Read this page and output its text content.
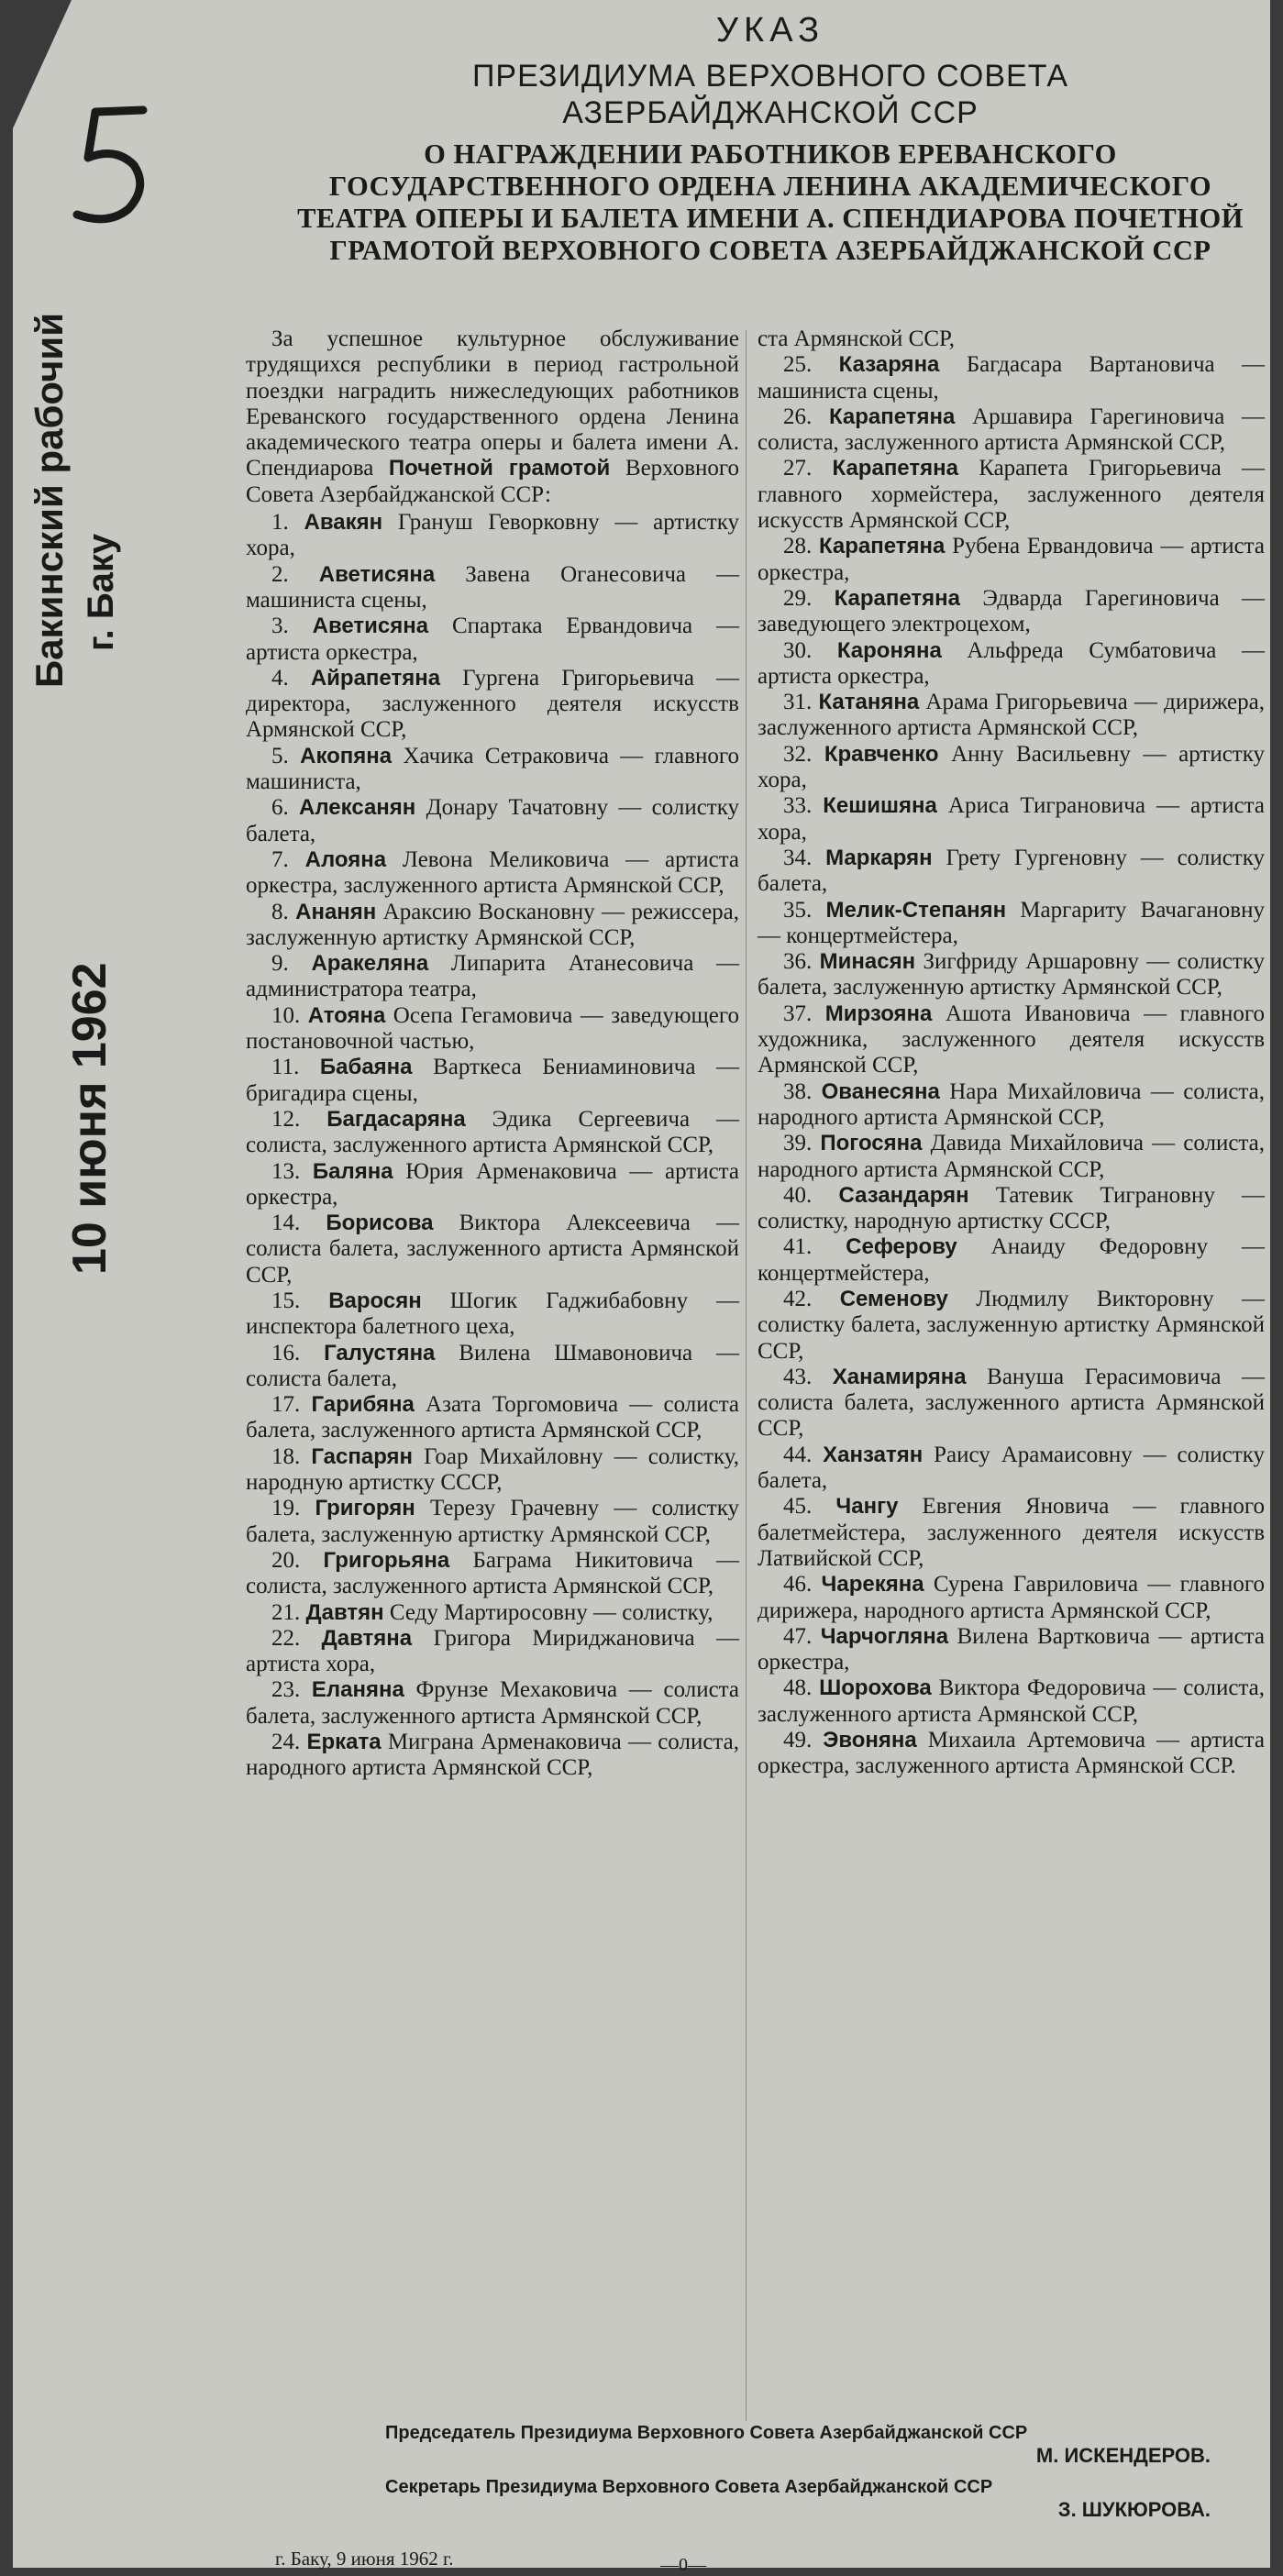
Бакинский рабочий г. Баку
10 июня 1962
УКАЗ
ПРЕЗИДИУМА ВЕРХОВНОГО СОВЕТА
АЗЕРБАЙДЖАНСКОЙ ССР
О НАГРАЖДЕНИИ РАБОТНИКОВ ЕРЕВАНСКОГО ГОСУДАРСТВЕННОГО ОРДЕНА ЛЕНИНА АКАДЕМИЧЕСКОГО ТЕАТРА ОПЕРЫ И БАЛЕТА ИМЕНИ А. СПЕНДИАРОВА ПОЧЕТНОЙ ГРАМОТОЙ ВЕРХОВНОГО СОВЕТА АЗЕРБАЙДЖАНСКОЙ ССР

За успешное культурное обслуживание трудящихся республики в период гастрольной поездки наградить нижеследующих работников Ереванского государственного ордена Ленина академического театра оперы и балета имени А. Спендиарова Почетной грамотой Верховного Совета Азербайджанской ССР:

1. Авакян Грануш Геворковну — артистку хора,

2. Аветисяна Завена Оганесовича — машиниста сцены,

3. Аветисяна Спартака Ервандовича — артиста оркестра,

4. Айрапетяна Гургена Григорьевича — директора, заслуженного деятеля искусств Армянской ССР,

5. Акопяна Хачика Сетраковича — главного машиниста,

6. Алексанян Донару Тачатовну — солистку балета,

7. Алояна Левона Меликовича — артиста оркестра, заслуженного артиста Армянской ССР,

8. Ананян Араксию Воскановну — режиссера, заслуженную артистку Армянской ССР,

9. Аракеляна Липарита Атанесовича — администратора театра,

10. Атояна Осепа Гегамовича — заведующего постановочной частью,

11. Бабаяна Варткеса Бениаминовича — бригадира сцены,

12. Багдасаряна Эдика Сергеевича — солиста, заслуженного артиста Армянской ССР,

13. Баляна Юрия Арменаковича — артиста оркестра,

14. Борисова Виктора Алексеевича — солиста балета, заслуженного артиста Армянской ССР,

15. Варосян Шогик Гаджибабовну — инспектора балетного цеха,

16. Галустяна Вилена Шмавоновича — солиста балета,

17. Гарибяна Азата Торгомовича — солиста балета, заслуженного артиста Армянской ССР,

18. Гаспарян Гоар Михайловну — солистку, народную артистку СССР,

19. Григорян Терезу Грачевну — солистку балета, заслуженную артистку Армянской ССР,

20. Григорьяна Баграма Никитовича — солиста, заслуженного артиста Армянской ССР,

21. Давтян Седу Мартиросовну — солистку,

22. Давтяна Григора Мириджановича — артиста хора,

23. Еланяна Фрунзе Мехаковича — солиста балета, заслуженного артиста Армянской ССР,

24. Ерката Миграна Арменаковича — солиста, народного артиста Армянской ССР,

ста Армянской ССР,

25. Казаряна Багдасара Вартановича — машиниста сцены,

26. Карапетяна Аршавира Гарегиновича — солиста, заслуженного артиста Армянской ССР,

27. Карапетяна Карапета Григорьевича — главного хормейстера, заслуженного деятеля искусств Армянской ССР,

28. Карапетяна Рубена Ервандовича — артиста оркестра,

29. Карапетяна Эдварда Гарегиновича — заведующего электроцехом,

30. Кароняна Альфреда Сумбатовича — артиста оркестра,

31. Катаняна Арама Григорьевича — дирижера, заслуженного артиста Армянской ССР,

32. Кравченко Анну Васильевну — артистку хора,

33. Кешишяна Ариса Тиграновича — артиста хора,

34. Маркарян Грету Гургеновну — солистку балета,

35. Мелик-Степанян Маргариту Вачагановну — концертмейстера,

36. Минасян Зигфриду Аршаровну — солистку балета, заслуженную артистку Армянской ССР,

37. Мирзояна Ашота Ивановича — главного художника, заслуженного деятеля искусств Армянской ССР,

38. Ованесяна Нара Михайловича — солиста, народного артиста Армянской ССР,

39. Погосяна Давида Михайловича — солиста, народного артиста Армянской ССР,

40. Сазандарян Татевик Тиграновну — солистку, народную артистку СССР,

41. Сеферову Анаиду Федоровну — концертмейстера,

42. Семенову Людмилу Викторовну — солистку балета, заслуженную артистку Армянской ССР,

43. Ханамиряна Вануша Герасимовича — солиста балета, заслуженного артиста Армянской ССР,

44. Ханзатян Раису Арамаисовну — солистку балета,

45. Чангу Евгения Яновича — главного балетмейстера, заслуженного деятеля искусств Латвийской ССР,

46. Чарекяна Сурена Гавриловича — главного дирижера, народного артиста Армянской ССР,

47. Чарчогляна Вилена Вартковича — артиста оркестра,

48. Шорохова Виктора Федоровича — солиста, заслуженного артиста Армянской ССР,

49. Эвоняна Михаила Артемовича — артиста оркестра, заслуженного артиста Армянской ССР.

Председатель Президиума Верховного Совета Азербайджанской ССР
М. ИСКЕНДЕРОВ.
Секретарь Президиума Верховного Совета Азербайджанской ССР
З. ШУКЮРОВА.
г. Баку, 9 июня 1962 г.	—0—
